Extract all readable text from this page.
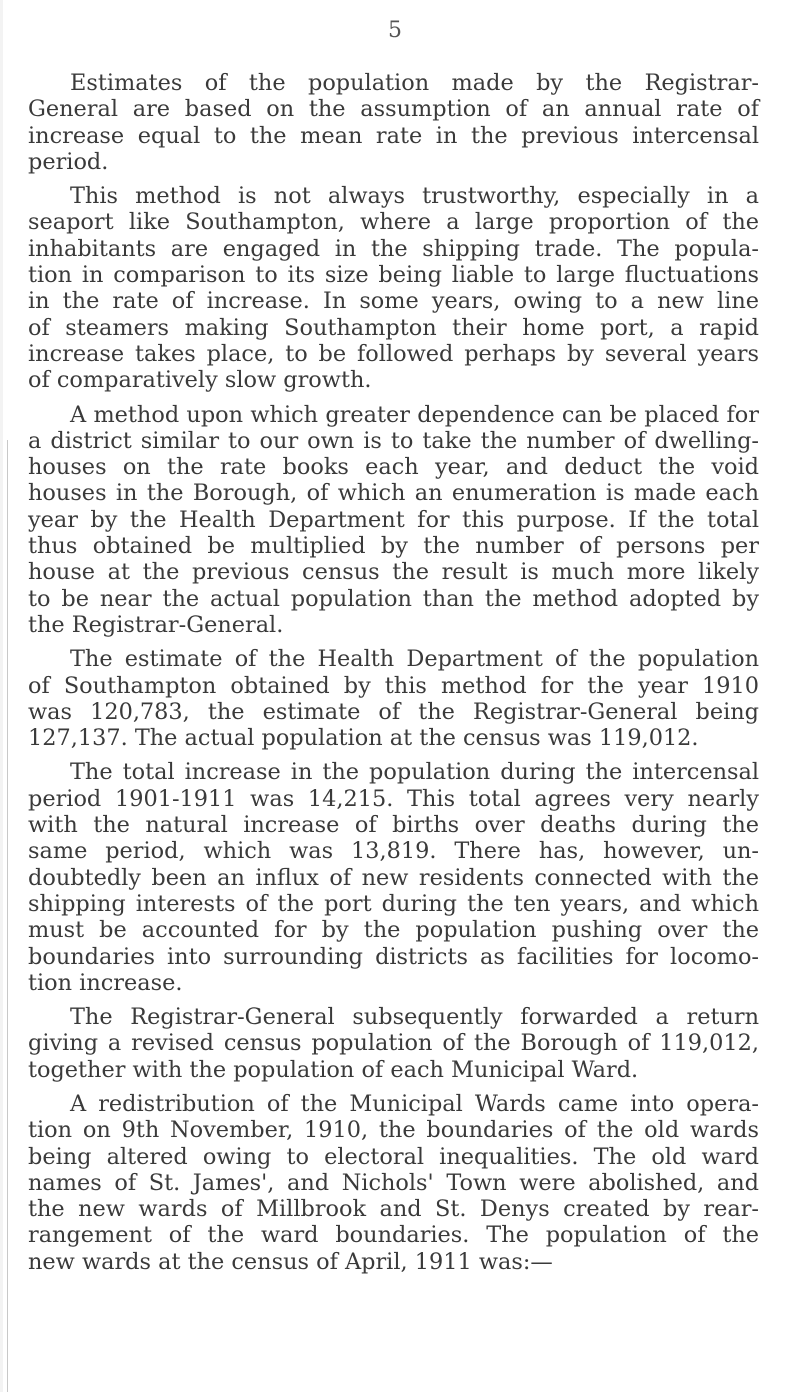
5
Estimates of the population made by the Registrar-
General are based on the assumption of an annual rate of
increase equal to the mean rate in the previous intercensal
period.
This method is not always trustworthy, especially in a
seaport like Southampton, where a large proportion of the
inhabitants are engaged in the shipping trade. The popula-
tion in comparison to its size being liable to large fluctuations
in the rate of increase. In some years, owing to a new line
of steamers making Southampton their home port, a rapid
increase takes place, to be followed perhaps by several years
of comparatively slow growth.
A method upon which greater dependence can be placed for
a district similar to our own is to take the number of dwelling-
houses on the rate books each year, and deduct the void
houses in the Borough, of which an enumeration is made each
year by the Health Department for this purpose. If the total
thus obtained be multiplied by the number of persons per
house at the previous census the result is much more likely
to be near the actual population than the method adopted by
the Registrar-General.
The estimate of the Health Department of the population
of Southampton obtained by this method for the year 1910
was 120,783, the estimate of the Registrar-General being
127,137. The actual population at the census was 119,012.
The total increase in the population during the intercensal
period 1901-1911 was 14,215. This total agrees very nearly
with the natural increase of births over deaths during the
same period, which was 13,819. There has, however, un-
doubtedly been an influx of new residents connected with the
shipping interests of the port during the ten years, and which
must be accounted for by the population pushing over the
boundaries into surrounding districts as facilities for locomo-
tion increase.
The Registrar-General subsequently forwarded a return
giving a revised census population of the Borough of 119,012,
together with the population of each Municipal Ward.
A redistribution of the Municipal Wards came into opera-
tion on 9th November, 1910, the boundaries of the old wards
being altered owing to electoral inequalities. The old ward
names of St. James', and Nichols' Town were abolished, and
the new wards of Millbrook and St. Denys created by rear-
rangement of the ward boundaries. The population of the
new wards at the census of April, 1911 was:—
